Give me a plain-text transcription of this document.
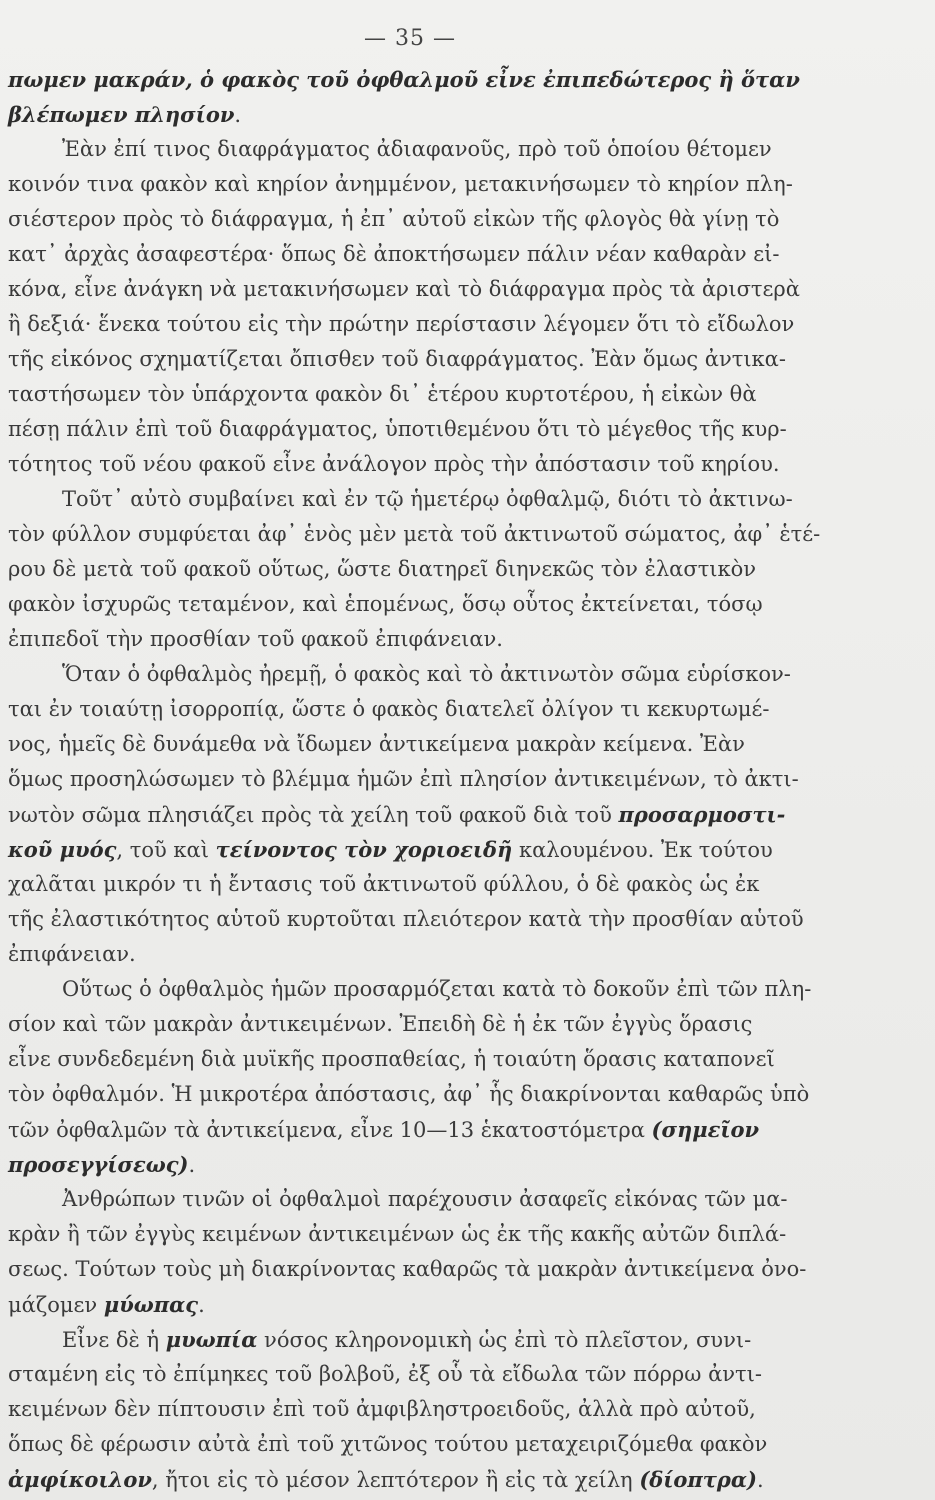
— 35 —
πωμεν μακράν, ὁ φακὸς τοῦ ὀφθαλμοῦ εἶνε ἐπιπεδώτερος ἢ ὅταν
βλέπωμεν πλησίον.
Ἐὰν ἐπί τινος διαφράγματος ἀδιαφανοῦς, πρὸ τοῦ ὁποίου θέτομεν
κοινόν τινα φακὸν καὶ κηρίον ἀνημμένον, μετακινήσωμεν τὸ κηρίον πλη-
σιέστερον πρὸς τὸ διάφραγμα, ἡ ἐπ᾽ αὐτοῦ εἰκὼν τῆς φλογὸς θὰ γίνῃ τὸ
κατ᾽ ἀρχὰς ἀσαφεστέρα· ὅπως δὲ ἀποκτήσωμεν πάλιν νέαν καθαρὰν εἰ-
κόνα, εἶνε ἀνάγκη νὰ μετακινήσωμεν καὶ τὸ διάφραγμα πρὸς τὰ ἀριστερὰ
ἢ δεξιά· ἕνεκα τούτου εἰς τὴν πρώτην περίστασιν λέγομεν ὅτι τὸ εἴδωλον
τῆς εἰκόνος σχηματίζεται ὄπισθεν τοῦ διαφράγματος. Ἐὰν ὅμως ἀντικα-
ταστήσωμεν τὸν ὑπάρχοντα φακὸν δι᾽ ἑτέρου κυρτοτέρου, ἡ εἰκὼν θὰ
πέσῃ πάλιν ἐπὶ τοῦ διαφράγματος, ὑποτιθεμένου ὅτι τὸ μέγεθος τῆς κυρ-
τότητος τοῦ νέου φακοῦ εἶνε ἀνάλογον πρὸς τὴν ἀπόστασιν τοῦ κηρίου.
Τοῦτ᾽ αὐτὸ συμβαίνει καὶ ἐν τῷ ἡμετέρῳ ὀφθαλμῷ, διότι τὸ ἀκτινω-
τὸν φύλλον συμφύεται ἀφ᾽ ἑνὸς μὲν μετὰ τοῦ ἀκτινωτοῦ σώματος, ἀφ᾽ ἑτέ-
ρου δὲ μετὰ τοῦ φακοῦ οὕτως, ὥστε διατηρεῖ διηνεκῶς τὸν ἐλαστικὸν
φακὸν ἰσχυρῶς τεταμένον, καὶ ἑπομένως, ὅσῳ οὗτος ἐκτείνεται, τόσῳ
ἐπιπεδοῖ τὴν προσθίαν τοῦ φακοῦ ἐπιφάνειαν.
Ὅταν ὁ ὀφθαλμὸς ἠρεμῇ, ὁ φακὸς καὶ τὸ ἀκτινωτὸν σῶμα εὑρίσκον-
ται ἐν τοιαύτῃ ἰσορροπίᾳ, ὥστε ὁ φακὸς διατελεῖ ὀλίγον τι κεκυρτωμέ-
νος, ἡμεῖς δὲ δυνάμεθα νὰ ἴδωμεν ἀντικείμενα μακρὰν κείμενα. Ἐὰν
ὅμως προσηλώσωμεν τὸ βλέμμα ἡμῶν ἐπὶ πλησίον ἀντικειμένων, τὸ ἀκτι-
νωτὸν σῶμα πλησιάζει πρὸς τὰ χείλη τοῦ φακοῦ διὰ τοῦ προσαρμοστι-
κοῦ μυός, τοῦ καὶ τείνοντος τὸν χοριοειδῆ καλουμένου. Ἐκ τούτου
χαλᾶται μικρόν τι ἡ ἔντασις τοῦ ἀκτινωτοῦ φύλλου, ὁ δὲ φακὸς ὡς ἐκ
τῆς ἐλαστικότητος αὑτοῦ κυρτοῦται πλειότερον κατὰ τὴν προσθίαν αὑτοῦ
ἐπιφάνειαν.
Οὕτως ὁ ὀφθαλμὸς ἡμῶν προσαρμόζεται κατὰ τὸ δοκοῦν ἐπὶ τῶν πλη-
σίον καὶ τῶν μακρὰν ἀντικειμένων. Ἐπειδὴ δὲ ἡ ἐκ τῶν ἐγγὺς ὅρασις
εἶνε συνδεδεμένη διὰ μυϊκῆς προσπαθείας, ἡ τοιαύτη ὅρασις καταπονεῖ
τὸν ὀφθαλμόν. Ἡ μικροτέρα ἀπόστασις, ἀφ᾽ ἧς διακρίνονται καθαρῶς ὑπὸ
τῶν ὀφθαλμῶν τὰ ἀντικείμενα, εἶνε 10—13 ἑκατοστόμετρα (σημεῖον
προσεγγίσεως).
Ἀνθρώπων τινῶν οἱ ὀφθαλμοὶ παρέχουσιν ἀσαφεῖς εἰκόνας τῶν μα-
κρὰν ἢ τῶν ἐγγὺς κειμένων ἀντικειμένων ὡς ἐκ τῆς κακῆς αὐτῶν διπλά-
σεως. Τούτων τοὺς μὴ διακρίνοντας καθαρῶς τὰ μακρὰν ἀντικείμενα ὀνο-
μάζομεν μύωπας.
Εἶνε δὲ ἡ μυωπία νόσος κληρονομικὴ ὡς ἐπὶ τὸ πλεῖστον, συνι-
σταμένη εἰς τὸ ἐπίμηκες τοῦ βολβοῦ, ἐξ οὗ τὰ εἴδωλα τῶν πόρρω ἀντι-
κειμένων δὲν πίπτουσιν ἐπὶ τοῦ ἀμφιβληστροειδοῦς, ἀλλὰ πρὸ αὐτοῦ,
ὅπως δὲ φέρωσιν αὐτὰ ἐπὶ τοῦ χιτῶνος τούτου μεταχειριζόμεθα φακὸν
ἀμφίκοιλον, ἤτοι εἰς τὸ μέσον λεπτότερον ἢ εἰς τὰ χείλη (δίοπτρα).
